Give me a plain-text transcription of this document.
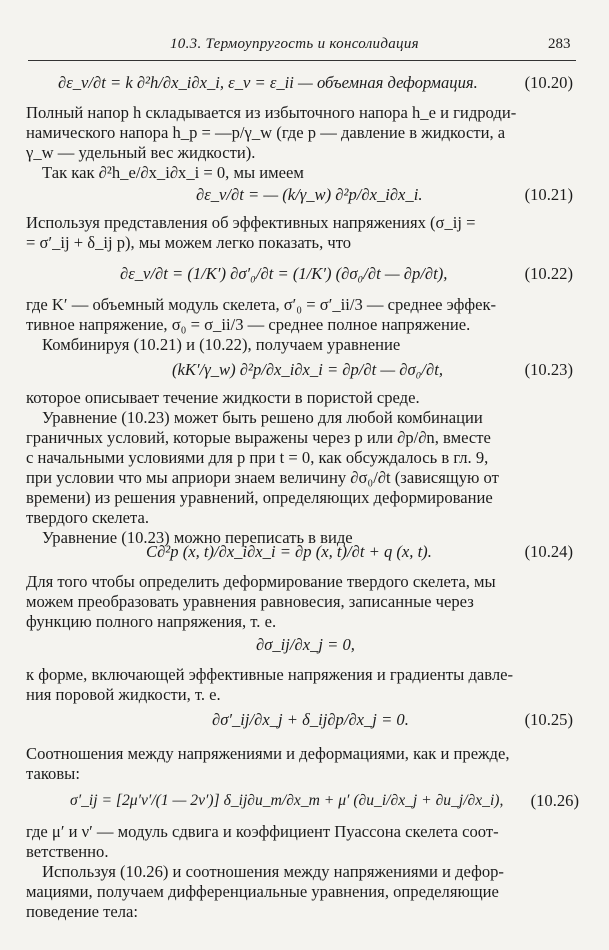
10.3. Термоупругость и консолидация	283
∂ε_v/∂t = k ∂²h/∂x_i∂x_i, ε_v = ε_ii — объемная деформация.	(10.20)
Полный напор h складывается из избыточного напора h_e и гидроди-
намического напора h_p = —p/γ_w (где p — давление в жидкости, а
γ_w — удельный вес жидкости).
Так как ∂²h_e/∂x_i∂x_i = 0, мы имеем
∂ε_v/∂t = — (k/γ_w) ∂²p/∂x_i∂x_i.	(10.21)
Используя представления об эффективных напряжениях (σ_ij =
= σ′_ij + δ_ij p), мы можем легко показать, что
∂ε_v/∂t = (1/K′) ∂σ′₀/∂t = (1/K′) (∂σ₀/∂t — ∂p/∂t),	(10.22)
где K′ — объемный модуль скелета, σ′₀ = σ′_ii/3 — среднее эффек-
тивное напряжение, σ₀ = σ_ii/3 — среднее полное напряжение.
Комбинируя (10.21) и (10.22), получаем уравнение
(kK′/γ_w) ∂²p/∂x_i∂x_i = ∂p/∂t — ∂σ₀/∂t,	(10.23)
которое описывает течение жидкости в пористой среде.
Уравнение (10.23) может быть решено для любой комбинации
граничных условий, которые выражены через p или ∂p/∂n, вместе
с начальными условиями для p при t = 0, как обсуждалось в гл. 9,
при условии что мы априори знаем величину ∂σ₀/∂t (зависящую от
времени) из решения уравнений, определяющих деформирование
твердого скелета.
Уравнение (10.23) можно переписать в виде
C∂²p (x, t)/∂x_i∂x_i = ∂p (x, t)/∂t + q (x, t).	(10.24)
Для того чтобы определить деформирование твердого скелета, мы
можем преобразовать уравнения равновесия, записанные через
функцию полного напряжения, т. е.
∂σ_ij/∂x_j = 0,
к форме, включающей эффективные напряжения и градиенты давле-
ния поровой жидкости, т. е.
∂σ′_ij/∂x_j + δ_ij∂p/∂x_j = 0.	(10.25)
Соотношения между напряжениями и деформациями, как и прежде,
таковы:
σ′_ij = [2μ′ν′/(1 — 2ν′)] δ_ij∂u_m/∂x_m + μ′ (∂u_i/∂x_j + ∂u_j/∂x_i), (10.26)
где μ′ и ν′ — модуль сдвига и коэффициент Пуассона скелета соот-
ветственно.
Используя (10.26) и соотношения между напряжениями и дефор-
мациями, получаем дифференциальные уравнения, определяющие
поведение тела:
